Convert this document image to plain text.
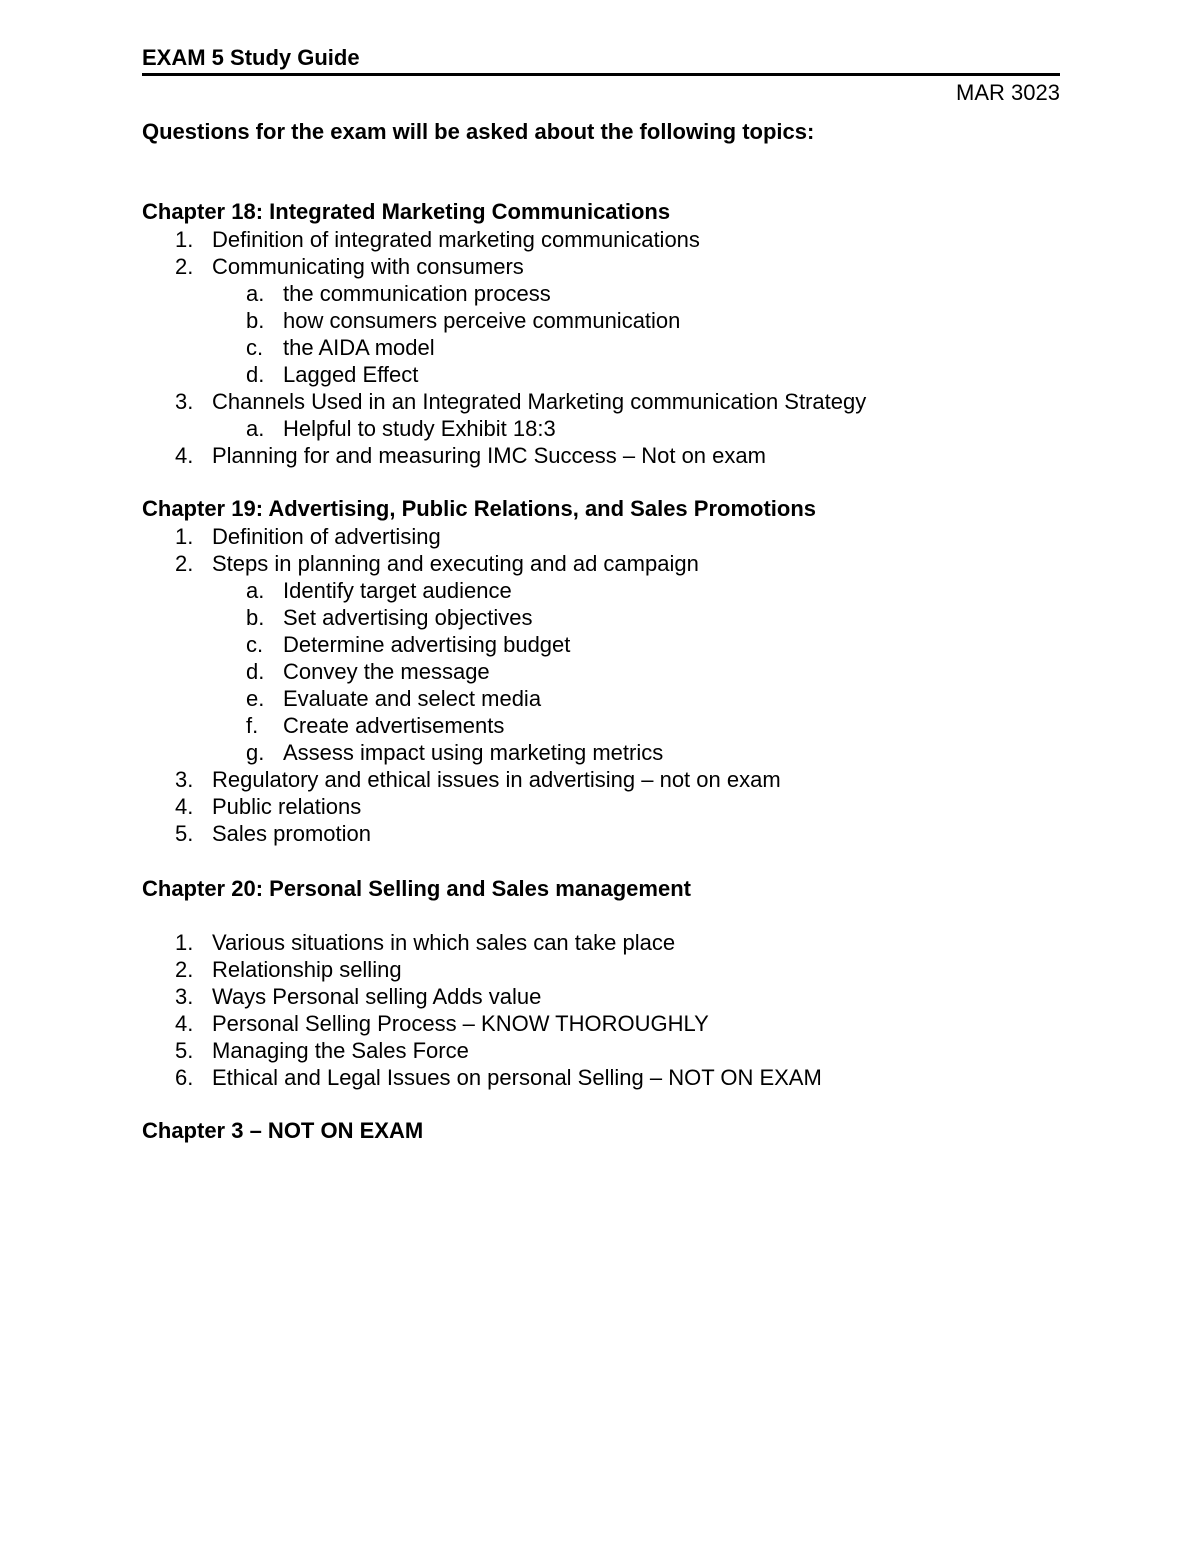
EXAM 5 Study Guide
MAR 3023
Questions for the exam will be asked about the following topics:
Chapter 18: Integrated Marketing Communications
1. Definition of integrated marketing communications
2. Communicating with consumers
a. the communication process
b. how consumers perceive communication
c. the AIDA model
d. Lagged Effect
3. Channels Used in an Integrated Marketing communication Strategy
a. Helpful to study Exhibit 18:3
4. Planning for and measuring IMC Success – Not on exam
Chapter 19: Advertising, Public Relations, and Sales Promotions
1. Definition of advertising
2. Steps in planning and executing and ad campaign
a. Identify target audience
b. Set advertising objectives
c. Determine advertising budget
d. Convey the message
e. Evaluate and select media
f. Create advertisements
g. Assess impact using marketing metrics
3. Regulatory and ethical issues in advertising – not on exam
4. Public relations
5. Sales promotion
Chapter 20: Personal Selling and Sales management
1. Various situations in which sales can take place
2. Relationship selling
3. Ways Personal selling Adds value
4. Personal Selling Process – KNOW THOROUGHLY
5. Managing the Sales Force
6. Ethical and Legal Issues on personal Selling – NOT ON EXAM
Chapter 3 – NOT ON EXAM
